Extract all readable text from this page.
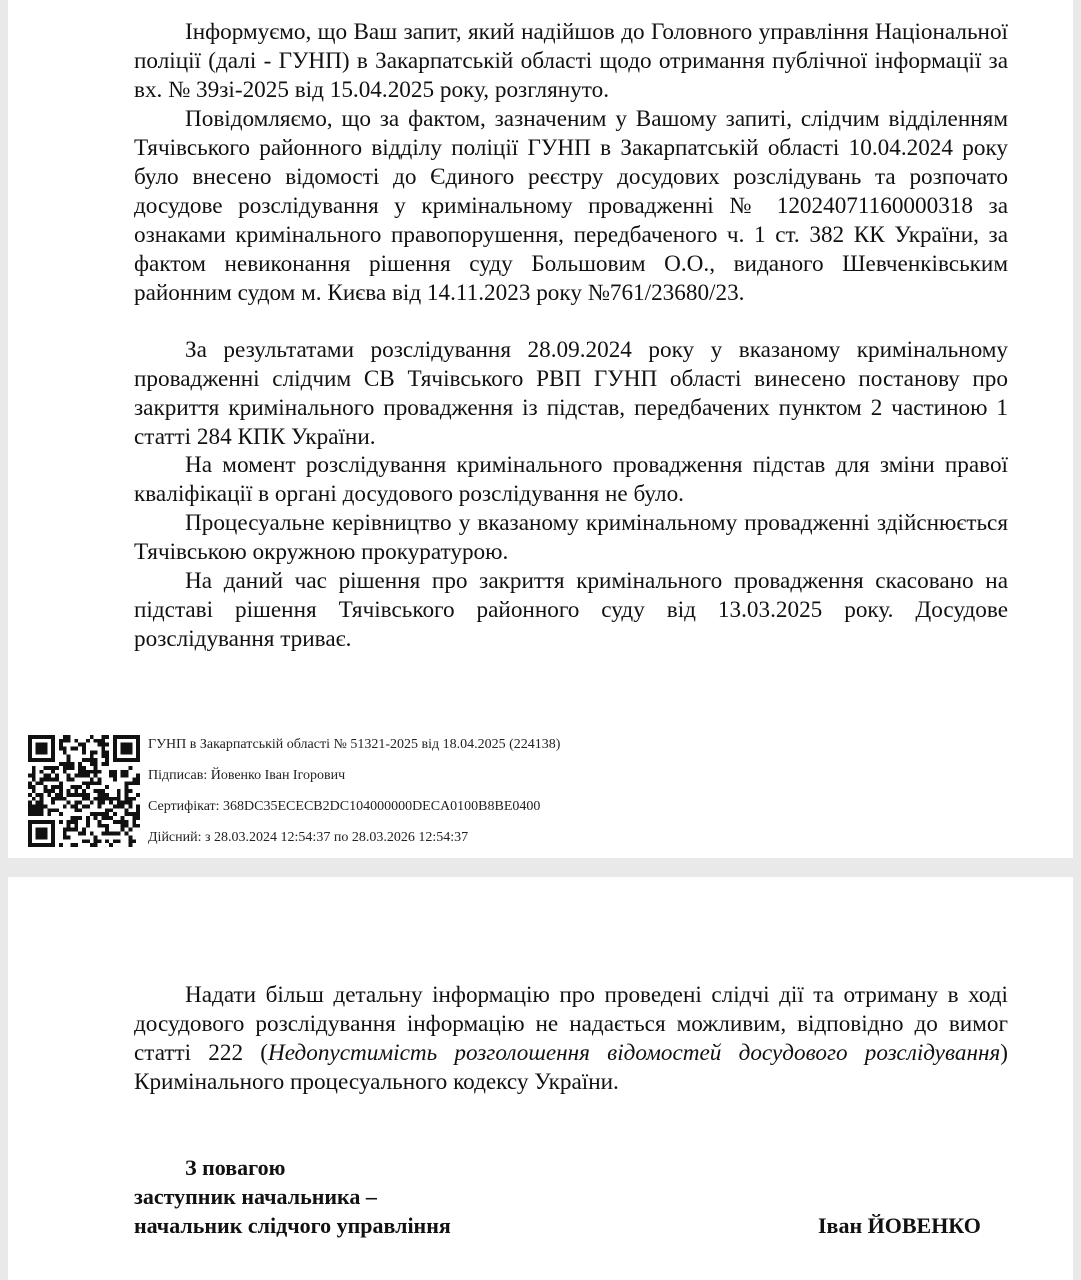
Інформуємо, що Ваш запит, який надійшов до Головного управління Національної поліції (далі - ГУНП) в Закарпатській області щодо отримання публічної інформації за вх. № 39зі-2025 від 15.04.2025 року, розглянуто.

Повідомляємо, що за фактом, зазначеним у Вашому запиті, слідчим відділенням Тячівського районного відділу поліції ГУНП в Закарпатській області 10.04.2024 року було внесено відомості до Єдиного реєстру досудових розслідувань та розпочато досудове розслідування у кримінальному провадженні № 12024071160000318 за ознаками кримінального правопорушення, передбаченого ч. 1 ст. 382 КК України, за фактом невиконання рішення суду Большовим О.О., виданого Шевченківським районним судом м. Києва від 14.11.2023 року №761/23680/23.

За результатами розслідування 28.09.2024 року у вказаному кримінальному провадженні слідчим СВ Тячівського РВП ГУНП області винесено постанову про закриття кримінального провадження із підстав, передбачених пунктом 2 частиною 1 статті 284 КПК України.

На момент розслідування кримінального провадження підстав для зміни правої кваліфікації в органі досудового розслідування не було.

Процесуальне керівництво у вказаному кримінальному провадженні здійснюється Тячівською окружною прокуратурою.

На даний час рішення про закриття кримінального провадження скасовано на підставі рішення Тячівського районного суду від 13.03.2025 року. Досудове розслідування триває.

ГУНП в Закарпатській області № 51321-2025 від 18.04.2025 (224138)

Підписав: Йовенко Іван Ігорович

Сертифікат: 368DC35ECECB2DC104000000DECA0100B8BE0400

Дійсний: з 28.03.2024 12:54:37 по 28.03.2026 12:54:37

Надати більш детальну інформацію про проведені слідчі дії та отриману в ході досудового розслідування інформацію не надається можливим, відповідно до вимог статті 222 (Недопустимість розголошення відомостей досудового розслідування) Кримінального процесуального кодексу України.

З повагою

заступник начальника –

начальник слідчого управління	Іван ЙОВЕНКО
